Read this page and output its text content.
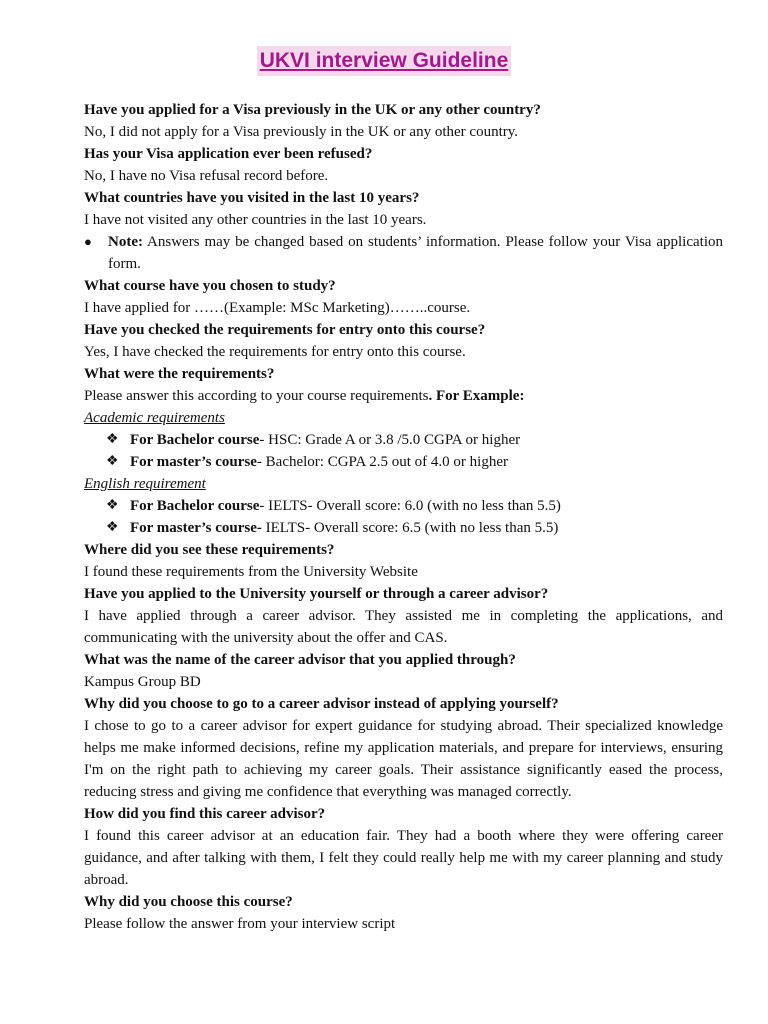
UKVI interview Guideline

Have you applied for a Visa previously in the UK or any other country?

No, I did not apply for a Visa previously in the UK or any other country.

Has your Visa application ever been refused?

No, I have no Visa refusal record before.

What countries have you visited in the last 10 years?

I have not visited any other countries in the last 10 years.

● Note: Answers may be changed based on students’ information. Please follow your Visa application form.

What course have you chosen to study?

I have applied for ……(Example: MSc Marketing)……..course.

Have you checked the requirements for entry onto this course?

Yes, I have checked the requirements for entry onto this course.

What were the requirements?

Please answer this according to your course requirements. For Example:

Academic requirements

❖ For Bachelor course- HSC: Grade A or 3.8 /5.0 CGPA or higher

❖ For master’s course- Bachelor: CGPA 2.5 out of 4.0 or higher

English requirement

❖ For Bachelor course- IELTS- Overall score: 6.0 (with no less than 5.5)

❖ For master’s course- IELTS- Overall score: 6.5 (with no less than 5.5)

Where did you see these requirements?

I found these requirements from the University Website

Have you applied to the University yourself or through a career advisor?

I have applied through a career advisor. They assisted me in completing the applications, and communicating with the university about the offer and CAS.

What was the name of the career advisor that you applied through?

Kampus Group BD

Why did you choose to go to a career advisor instead of applying yourself?

I chose to go to a career advisor for expert guidance for studying abroad. Their specialized knowledge helps me make informed decisions, refine my application materials, and prepare for interviews, ensuring I'm on the right path to achieving my career goals. Their assistance significantly eased the process, reducing stress and giving me confidence that everything was managed correctly.

How did you find this career advisor?

I found this career advisor at an education fair. They had a booth where they were offering career guidance, and after talking with them, I felt they could really help me with my career planning and study abroad.

Why did you choose this course?

Please follow the answer from your interview script
